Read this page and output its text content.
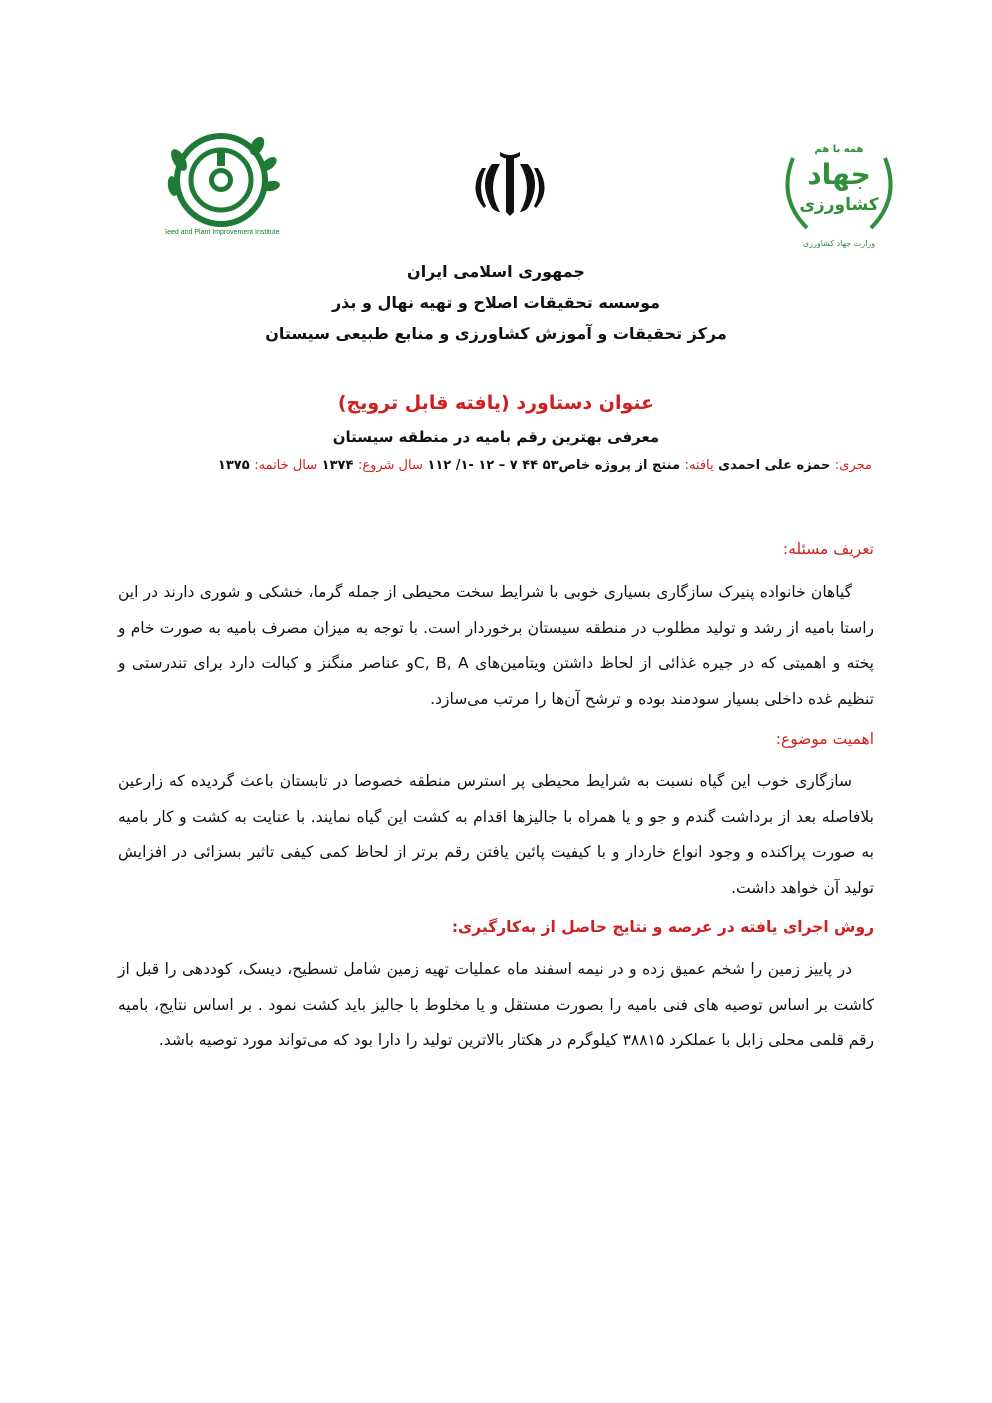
Seed and Plant Improvement Institute
همه با هم
جهاد
کشاورزی
وزارت جهاد کشاورزی
جمهوری اسلامی ایران
موسسه تحقیقات اصلاح و تهیه نهال و بذر
مرکز تحقیقات و آموزش کشاورزی و منابع طبیعی سیستان
عنوان دستاورد (یافته قابل ترویج)
معرفی بهترین رقم بامیه در منطقه سیستان
مجری: حمزه علی احمدی یافته: منتج از پروژه خاص۵۳ ۴۴ ۷ – ۱۲ -۱/ ۱۱۲ سال شروع: ۱۳۷۴ سال خاتمه: ۱۳۷۵
تعریف مسئله:
گیاهان خانواده پنیرک سازگاری بسیاری خوبی با شرایط سخت محیطی از جمله گرما، خشکی و شوری دارند در این راستا بامیه از رشد و تولید مطلوب در منطقه سیستان برخوردار است. با توجه به میزان مصرف بامیه به صورت خام و پخته و اهمیتی که در جیره غذائی از لحاظ داشتن ویتامین‌های C, B, Aو عناصر منگنز و کبالت دارد برای تندرستی و تنظیم غده داخلی بسیار سودمند بوده و ترشح آن‌ها را مرتب می‌سازد.
اهمیت موضوع:
سازگاری خوب این گیاه نسبت به شرایط محیطی پر استرس منطقه خصوصا در تابستان باعث گردیده که زارعین بلافاصله بعد از برداشت گندم و جو و یا همراه با جالیزها اقدام به کشت این گیاه نمایند. با عنایت به کشت و کار بامیه به صورت پراکنده و وجود انواع خاردار و با کیفیت پائین یافتن رقم برتر از لحاظ کمی کیفی تاثیر بسزائی در افزایش تولید آن خواهد داشت.
روش اجرای یافته در عرصه و نتایج حاصل از به‌کارگیری:
در پاییز زمین را شخم عمیق زده و در نیمه اسفند ماه عملیات تهیه زمین شامل تسطیح، دیسک، کوددهی را قبل از کاشت بر اساس توصیه های فنی بامیه را بصورت مستقل و یا مخلوط با جالیز باید کشت نمود . بر اساس نتایج، بامیه رقم قلمی محلی زابل با عملکرد ۳۸۸۱۵ کیلوگرم در هکتار بالاترین تولید را دارا بود که می‌تواند مورد توصیه باشد.
